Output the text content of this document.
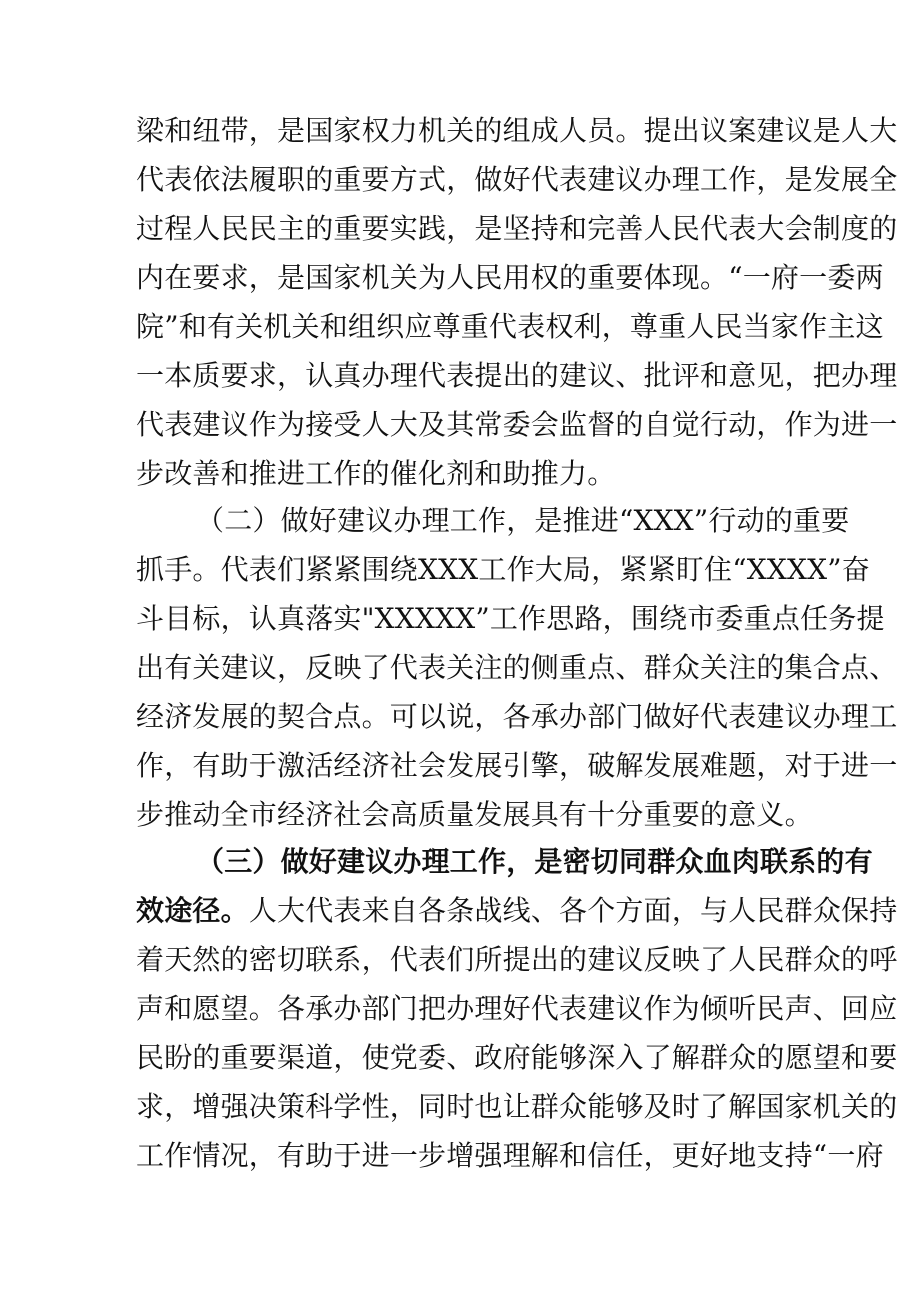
梁和纽带，是国家权力机关的组成人员。提出议案建议是人大
代表依法履职的重要方式，做好代表建议办理工作，是发展全
过程人民民主的重要实践，是坚持和完善人民代表大会制度的
内在要求，是国家机关为人民用权的重要体现。“一府一委两
院”和有关机关和组织应尊重代表权利，尊重人民当家作主这
一本质要求，认真办理代表提出的建议、批评和意见，把办理
代表建议作为接受人大及其常委会监督的自觉行动，作为进一
步改善和推进工作的催化剂和助推力。
（二）做好建议办理工作，是推进“XXX”行动的重要
抓手。代表们紧紧围绕XXX工作大局，紧紧盯住“XXXX”奋
斗目标，认真落实"XXXXX”工作思路，围绕市委重点任务提
出有关建议，反映了代表关注的侧重点、群众关注的集合点、
经济发展的契合点。可以说，各承办部门做好代表建议办理工
作，有助于激活经济社会发展引擎，破解发展难题，对于进一
步推动全市经济社会高质量发展具有十分重要的意义。
（三）做好建议办理工作，是密切同群众血肉联系的有
效途径。人大代表来自各条战线、各个方面，与人民群众保持
着天然的密切联系，代表们所提出的建议反映了人民群众的呼
声和愿望。各承办部门把办理好代表建议作为倾听民声、回应
民盼的重要渠道，使党委、政府能够深入了解群众的愿望和要
求，增强决策科学性，同时也让群众能够及时了解国家机关的
工作情况，有助于进一步增强理解和信任，更好地支持“一府
